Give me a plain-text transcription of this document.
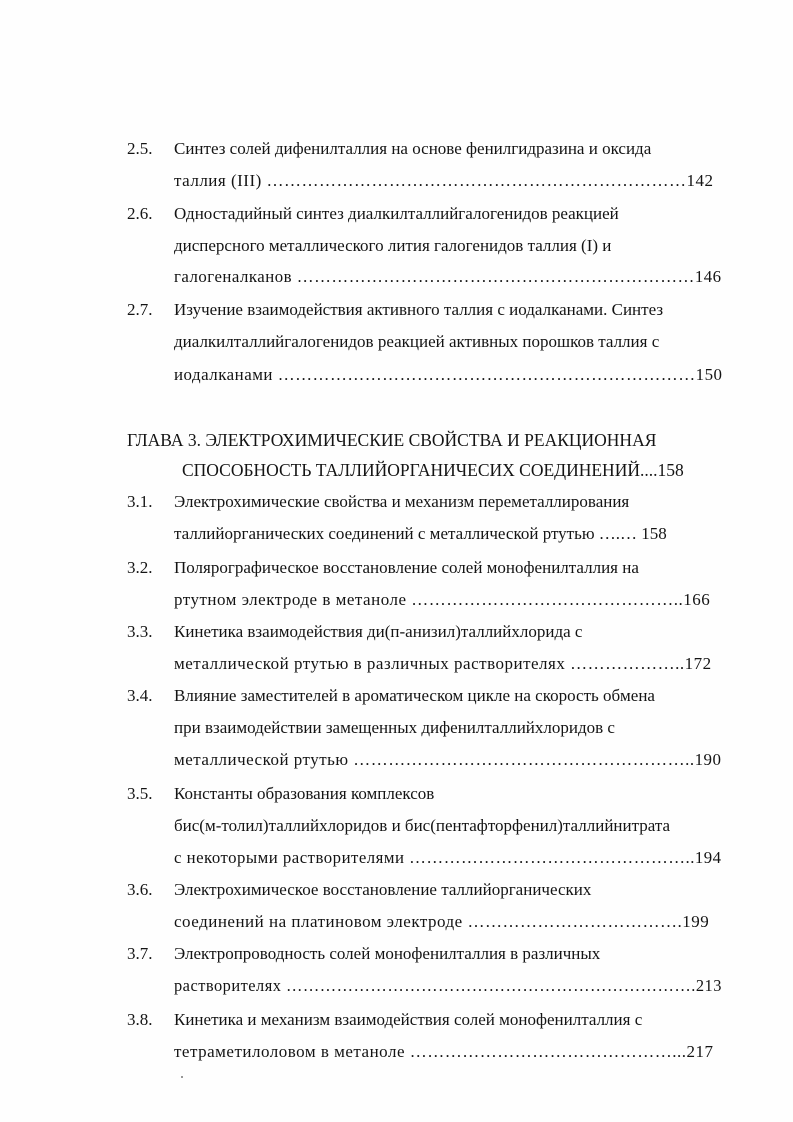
2.5. Синтез солей дифенилталлия на основе фенилгидразина и оксида
таллия (III) ………………………………………………………………142
2.6. Одностадийный синтез диалкилталлийгалогенидов реакцией
дисперсного металлического лития галогенидов таллия (I) и
галогеналканов ……………………………………………………………146
2.7. Изучение взаимодействия активного таллия с иодалканами. Синтез
диалкилталлийгалогенидов реакцией активных порошков таллия с
иодалканами ………………………………………………………………150
ГЛАВА 3. ЭЛЕКТРОХИМИЧЕСКИЕ СВОЙСТВА И РЕАКЦИОННАЯ
СПОСОБНОСТЬ ТАЛЛИЙОРГАНИЧЕСИХ СОЕДИНЕНИЙ....158
3.1. Электрохимические свойства и механизм переметаллирования
таллийорганических соединений с металлической ртутью ….… 158
3.2. Полярографическое восстановление солей монофенилталлия на
ртутном электроде в метаноле ………………………………………..166
3.3. Кинетика взаимодействия ди(п-анизил)таллийхлорида с
металлической ртутью в различных растворителях ………………..172
3.4. Влияние заместителей в ароматическом цикле на скорость обмена
при взаимодействии замещенных дифенилталлийхлоридов с
металлической ртутью …………………………………………………..190
3.5. Константы образования комплексов
бис(м-толил)таллийхлоридов и бис(пентафторфенил)таллийнитрата
с некоторыми растворителями …………………………………………..194
3.6. Электрохимическое восстановление таллийорганических
соединений на платиновом электроде ……………………………….199
3.7. Электропроводность солей монофенилталлия в различных
растворителях ……………………………………………………………….213
3.8. Кинетика и механизм взаимодействия солей монофенилталлия с
тетраметилоловом в метаноле ………………………………………...217
